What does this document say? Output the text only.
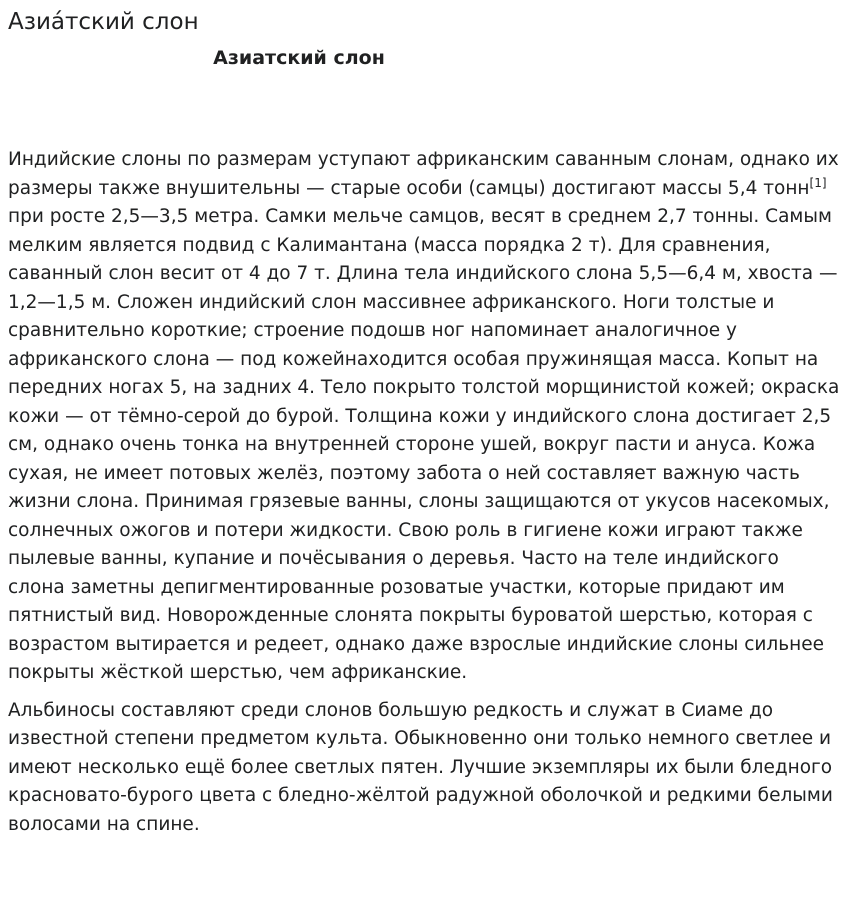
Азиа́тский слон
Азиатский слон

Индийские слоны по размерам уступают африканским саванным слонам, однако их размеры также внушительны — старые особи (самцы) достигают массы 5,4 тонн[1] при росте 2,5—3,5 метра. Самки мельче самцов, весят в среднем 2,7 тонны. Самым мелким является подвид с Калимантана (масса порядка 2 т). Для сравнения, саванный слон весит от 4 до 7 т. Длина тела индийского слона 5,5—6,4 м, хвоста — 1,2—1,5 м. Сложен индийский слон массивнее африканского. Ноги толстые и сравнительно короткие; строение подошв ног напоминает аналогичное у африканского слона — под кожейнаходится особая пружинящая масса. Копыт на передних ногах 5, на задних 4. Тело покрыто толстой морщинистой кожей; окраска кожи — от тёмно-серой до бурой. Толщина кожи у индийского слона достигает 2,5 см, однако очень тонка на внутренней стороне ушей, вокруг пасти и ануса. Кожа сухая, не имеет потовых желёз, поэтому забота о ней составляет важную часть жизни слона. Принимая грязевые ванны, слоны защищаются от укусов насекомых, солнечных ожогов и потери жидкости. Свою роль в гигиене кожи играют также пылевые ванны, купание и почёсывания о деревья. Часто на теле индийского слона заметны депигментированные розоватые участки, которые придают им пятнистый вид. Новорожденные слонята покрыты буроватой шерстью, которая с возрастом вытирается и редеет, однако даже взрослые индийские слоны сильнее покрыты жёсткой шерстью, чем африканские.

Альбиносы составляют среди слонов большую редкость и служат в Сиаме до известной степени предметом культа. Обыкновенно они только немного светлее и имеют несколько ещё более светлых пятен. Лучшие экземпляры их были бледного красновато-бурого цвета с бледно-жёлтой радужной оболочкой и редкими белыми волосами на спине.
